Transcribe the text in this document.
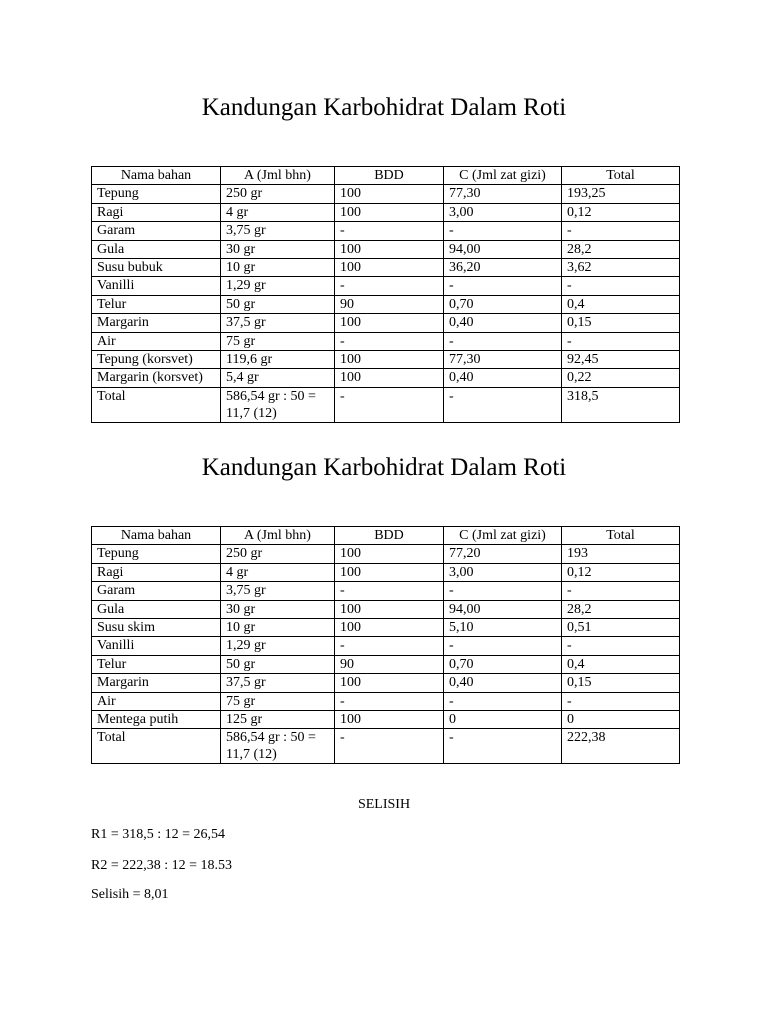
Kandungan Karbohidrat Dalam Roti
Nama bahan	A (Jml bhn)	BDD	C (Jml zat gizi)	Total
Tepung	250 gr	100	77,30	193,25
Ragi	4 gr	100	3,00	0,12
Garam	3,75 gr	-	-	-
Gula	30 gr	100	94,00	28,2
Susu bubuk	10 gr	100	36,20	3,62
Vanilli	1,29 gr	-	-	-
Telur	50 gr	90	0,70	0,4
Margarin	37,5 gr	100	0,40	0,15
Air	75 gr	-	-	-
Tepung (korsvet)	119,6 gr	100	77,30	92,45
Margarin (korsvet)	5,4 gr	100	0,40	0,22
Total	586,54 gr : 50 = 11,7 (12)	-	-	318,5
Kandungan Karbohidrat Dalam Roti
Nama bahan	A (Jml bhn)	BDD	C (Jml zat gizi)	Total
Tepung	250 gr	100	77,20	193
Ragi	4 gr	100	3,00	0,12
Garam	3,75 gr	-	-	-
Gula	30 gr	100	94,00	28,2
Susu skim	10 gr	100	5,10	0,51
Vanilli	1,29 gr	-	-	-
Telur	50 gr	90	0,70	0,4
Margarin	37,5 gr	100	0,40	0,15
Air	75 gr	-	-	-
Mentega putih	125 gr	100	0	0
Total	586,54 gr : 50 = 11,7 (12)	-	-	222,38

SELISIH

R1 = 318,5 : 12 = 26,54

R2 = 222,38 : 12 = 18.53

Selisih = 8,01
